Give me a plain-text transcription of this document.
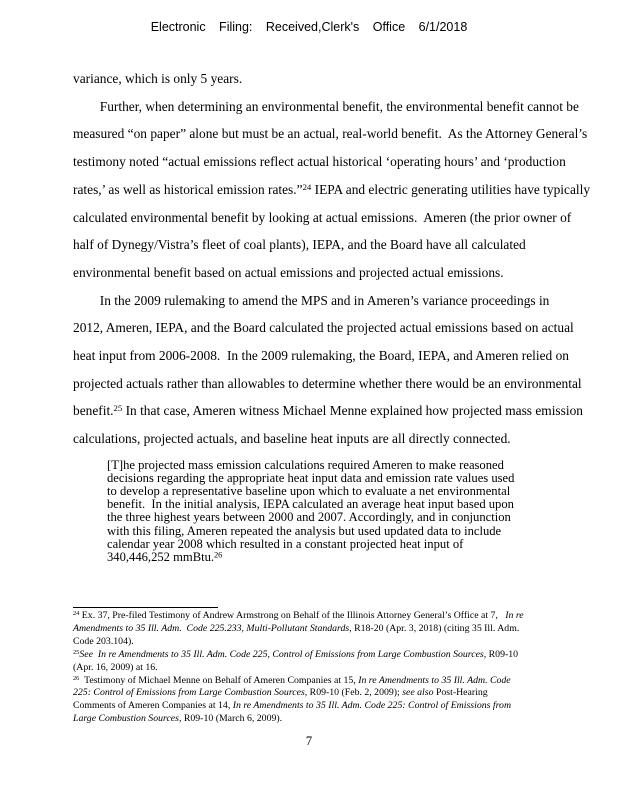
Electronic Filing: Received,Clerk's Office 6/1/2018
variance, which is only 5 years.
Further, when determining an environmental benefit, the environmental benefit cannot be
measured “on paper” alone but must be an actual, real-world benefit.  As the Attorney General’s
testimony noted “actual emissions reflect actual historical ‘operating hours’ and ‘production
rates,’ as well as historical emission rates.”$^{24}$ IEPA and electric generating utilities have typically
calculated environmental benefit by looking at actual emissions.  Ameren (the prior owner of
half of Dynegy/Vistra’s fleet of coal plants), IEPA, and the Board have all calculated
environmental benefit based on actual emissions and projected actual emissions.
In the 2009 rulemaking to amend the MPS and in Ameren’s variance proceedings in
2012, Ameren, IEPA, and the Board calculated the projected actual emissions based on actual
heat input from 2006-2008.  In the 2009 rulemaking, the Board, IEPA, and Ameren relied on
projected actuals rather than allowables to determine whether there would be an environmental
benefit.$^{25}$ In that case, Ameren witness Michael Menne explained how projected mass emission
calculations, projected actuals, and baseline heat inputs are all directly connected.
[T]he projected mass emission calculations required Ameren to make reasoned
decisions regarding the appropriate heat input data and emission rate values used
to develop a representative baseline upon which to evaluate a net environmental
benefit.  In the initial analysis, IEPA calculated an average heat input based upon
the three highest years between 2000 and 2007. Accordingly, and in conjunction
with this filing, Ameren repeated the analysis but used updated data to include
calendar year 2008 which resulted in a constant projected heat input of
340,446,252 mmBtu.$^{26}$
$^{24}$ Ex. 37, Pre-filed Testimony of Andrew Armstrong on Behalf of the Illinois Attorney General’s Office at 7,   In re
Amendments to 35 Ill. Adm.  Code 225.233, Multi-Pollutant Standards, R18-20 (Apr. 3, 2018) (citing 35 Ill. Adm.
Code 203.104).
$^{25}$See  In re Amendments to 35 Ill. Adm. Code 225, Control of Emissions from Large Combustion Sources, R09-10
(Apr. 16, 2009) at 16.
$^{26}$  Testimony of Michael Menne on Behalf of Ameren Companies at 15, In re Amendments to 35 Ill. Adm. Code
225: Control of Emissions from Large Combustion Sources, R09-10 (Feb. 2, 2009); see also Post-Hearing
Comments of Ameren Companies at 14, In re Amendments to 35 Ill. Adm. Code 225: Control of Emissions from
Large Combustion Sources, R09-10 (March 6, 2009).
7
